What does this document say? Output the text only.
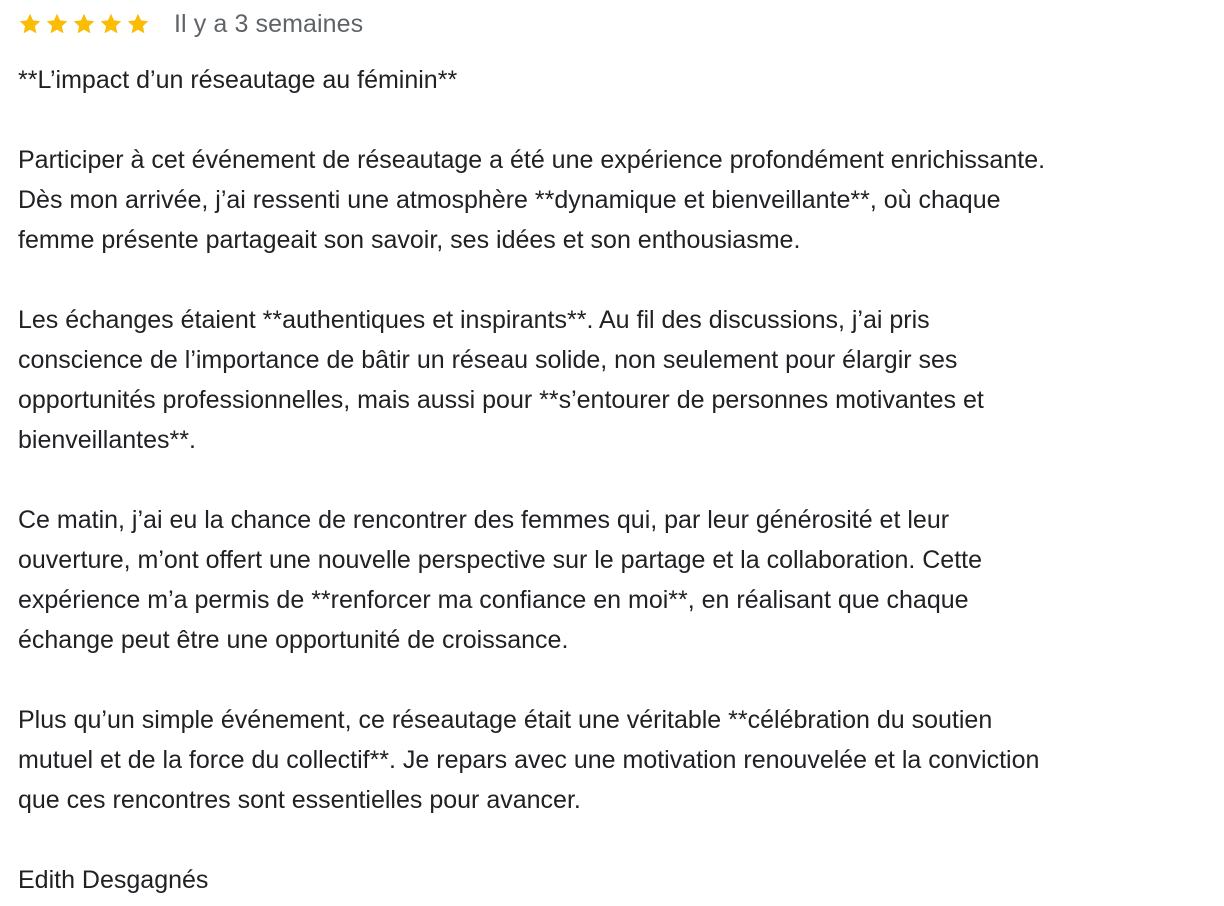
Il y a 3 semaines

**L’impact d’un réseautage au féminin**

Participer à cet événement de réseautage a été une expérience profondément enrichissante.

Dès mon arrivée, j’ai ressenti une atmosphère **dynamique et bienveillante**, où chaque

femme présente partageait son savoir, ses idées et son enthousiasme.

Les échanges étaient **authentiques et inspirants**. Au fil des discussions, j’ai pris

conscience de l’importance de bâtir un réseau solide, non seulement pour élargir ses

opportunités professionnelles, mais aussi pour **s’entourer de personnes motivantes et

bienveillantes**.

Ce matin, j’ai eu la chance de rencontrer des femmes qui, par leur générosité et leur

ouverture, m’ont offert une nouvelle perspective sur le partage et la collaboration. Cette

expérience m’a permis de **renforcer ma confiance en moi**, en réalisant que chaque

échange peut être une opportunité de croissance.

Plus qu’un simple événement, ce réseautage était une véritable **célébration du soutien

mutuel et de la force du collectif**. Je repars avec une motivation renouvelée et la conviction

que ces rencontres sont essentielles pour avancer.

Edith Desgagnés
